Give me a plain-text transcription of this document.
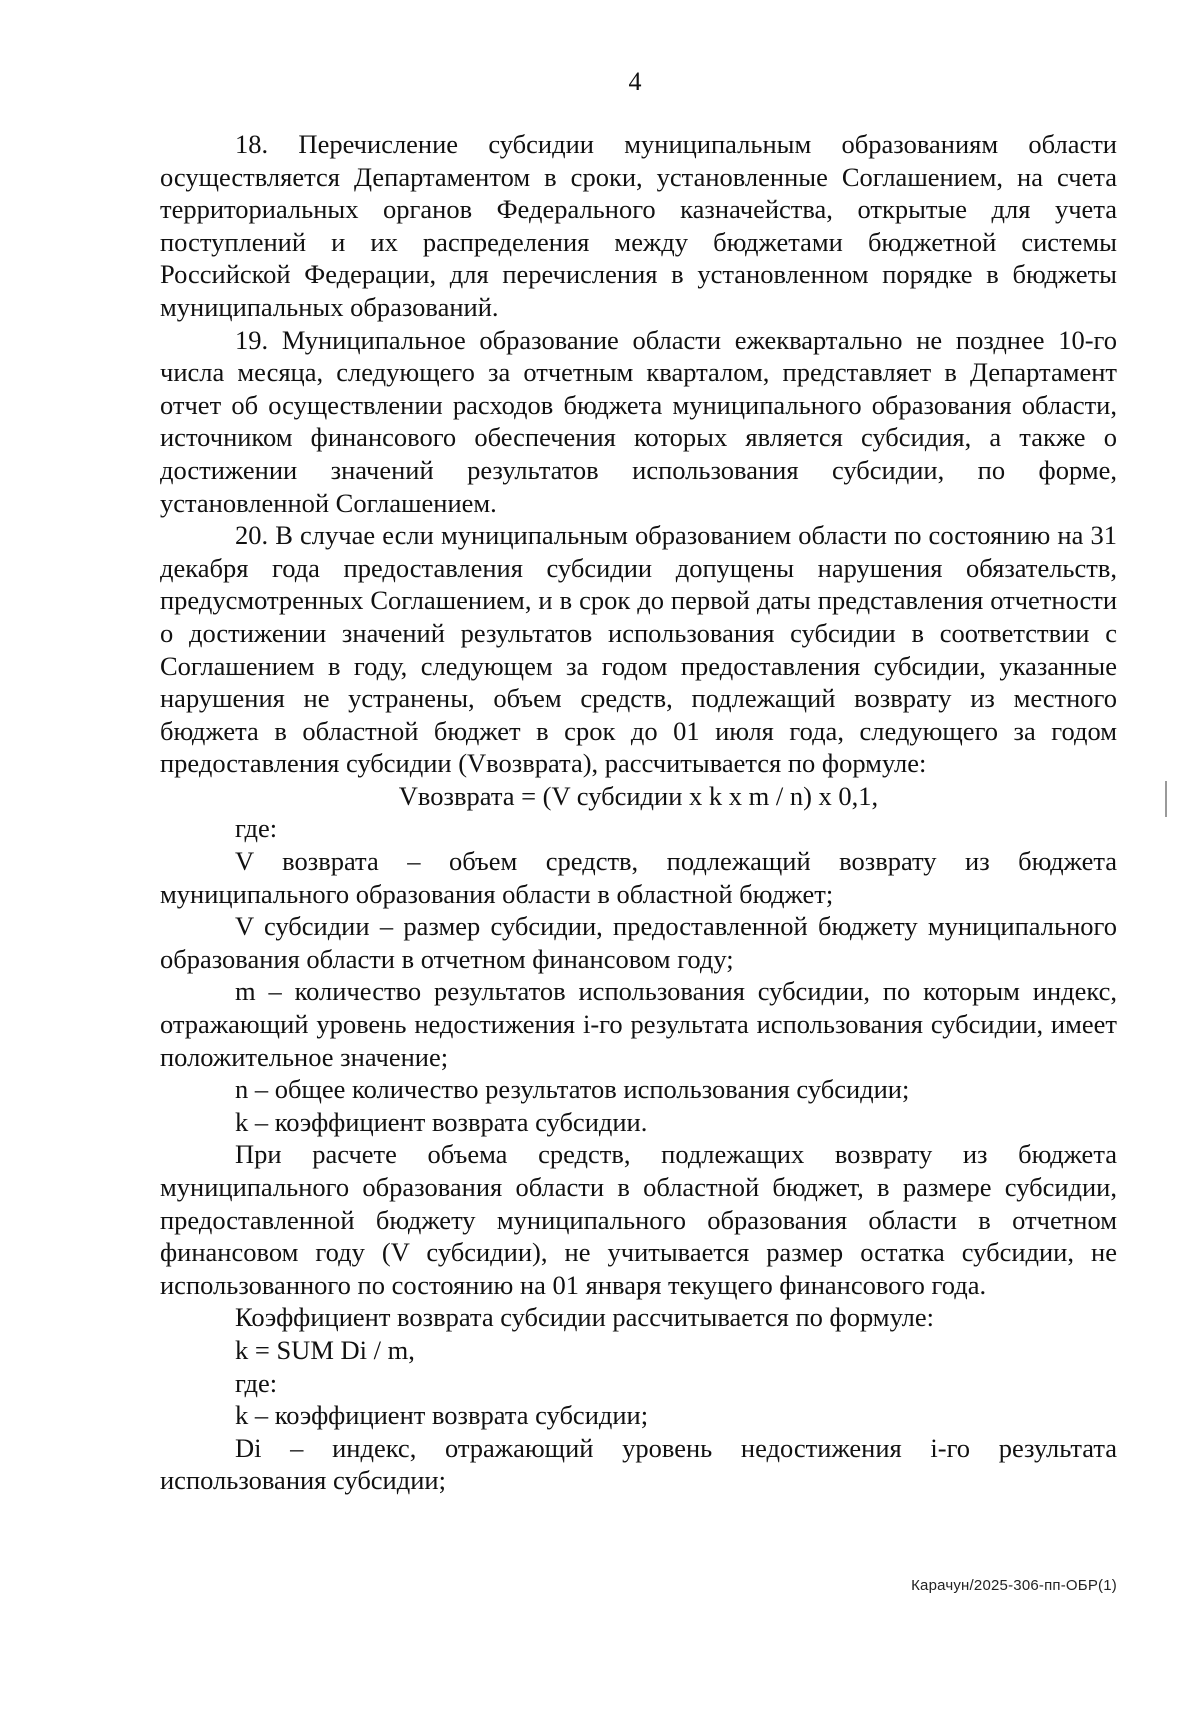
4

18. Перечисление субсидии муниципальным образованиям области осуществляется Департаментом в сроки, установленные Соглашением, на счета территориальных органов Федерального казначейства, открытые для учета поступлений и их распределения между бюджетами бюджетной системы Российской Федерации, для перечисления в установленном порядке в бюджеты муниципальных образований.

19. Муниципальное образование области ежеквартально не позднее 10-го числа месяца, следующего за отчетным кварталом, представляет в Департамент отчет об осуществлении расходов бюджета муниципального образования области, источником финансового обеспечения которых является субсидия, а также о достижении значений результатов использования субсидии, по форме, установленной Соглашением.

20. В случае если муниципальным образованием области по состоянию на 31 декабря года предоставления субсидии допущены нарушения обязательств, предусмотренных Соглашением, и в срок до первой даты представления отчетности о достижении значений результатов использования субсидии в соответствии с Соглашением в году, следующем за годом предоставления субсидии, указанные нарушения не устранены, объем средств, подлежащий возврату из местного бюджета в областной бюджет в срок до 01 июля года, следующего за годом предоставления субсидии (Vвозврата), рассчитывается по формуле:

Vвозврата = (V субсидии x k x m / n) x 0,1,

где:

V возврата – объем средств, подлежащий возврату из бюджета муниципального образования области в областной бюджет;

V субсидии – размер субсидии, предоставленной бюджету муниципального образования области в отчетном финансовом году;

m – количество результатов использования субсидии, по которым индекс, отражающий уровень недостижения i-го результата использования субсидии, имеет положительное значение;

n – общее количество результатов использования субсидии;

k – коэффициент возврата субсидии.

При расчете объема средств, подлежащих возврату из бюджета муниципального образования области в областной бюджет, в размере субсидии, предоставленной бюджету муниципального образования области в отчетном финансовом году (V субсидии), не учитывается размер остатка субсидии, не использованного по состоянию на 01 января текущего финансового года.

Коэффициент возврата субсидии рассчитывается по формуле:

k = SUM Di / m,

где:

k – коэффициент возврата субсидии;

Di – индекс, отражающий уровень недостижения i-го результата использования субсидии;

Карачун/2025-306-пп-ОБР(1)
